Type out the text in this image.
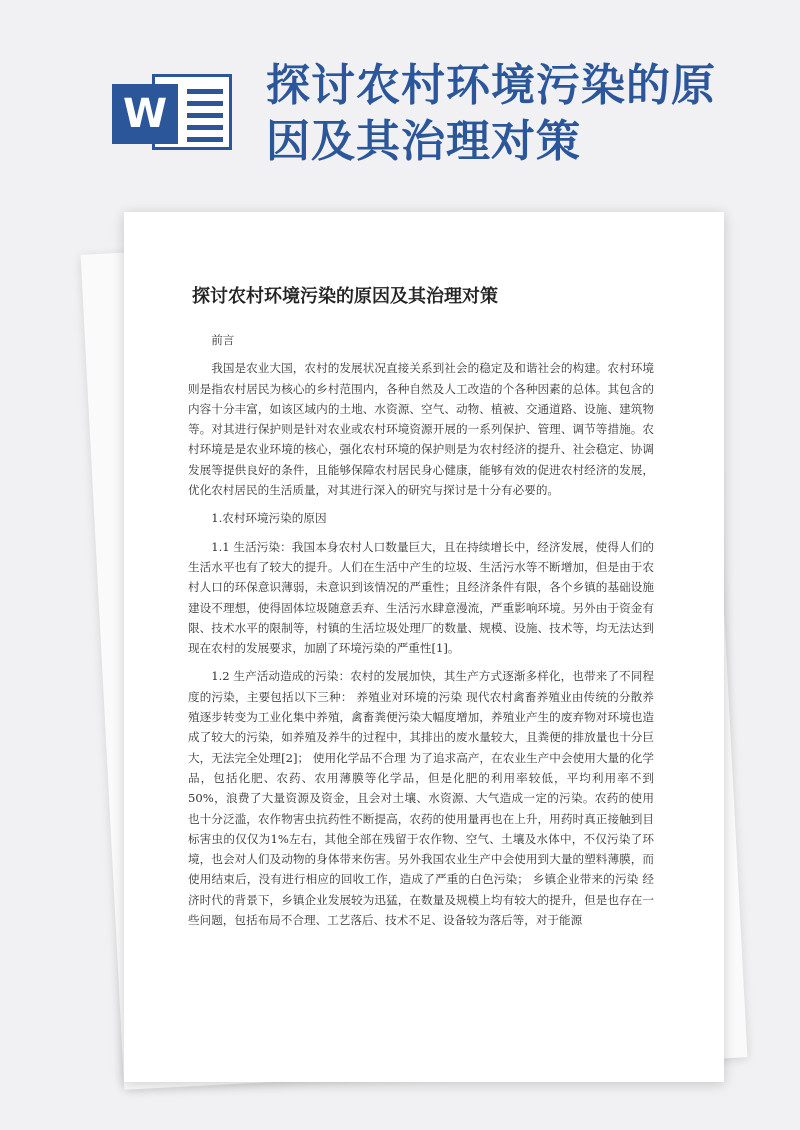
W
探讨农村环境污染的原因及其治理对策
探讨农村环境污染的原因及其治理对策

前言

我国是农业大国，农村的发展状况直接关系到社会的稳定及和谐社会的构建。农村环境则是指农村居民为核心的乡村范围内，各种自然及人工改造的个各种因素的总体。其包含的内容十分丰富，如该区域内的土地、水资源、空气、动物、植被、交通道路、设施、建筑物等。对其进行保护则是针对农业或农村环境资源开展的一系列保护、管理、调节等措施。农村环境是是农业环境的核心，强化农村环境的保护则是为农村经济的提升、社会稳定、协调发展等提供良好的条件，且能够保障农村居民身心健康，能够有效的促进农村经济的发展，优化农村居民的生活质量，对其进行深入的研究与探讨是十分有必要的。

1.农村环境污染的原因

1.1 生活污染：我国本身农村人口数量巨大，且在持续增长中，经济发展，使得人们的生活水平也有了较大的提升。人们在生活中产生的垃圾、生活污水等不断增加，但是由于农村人口的环保意识薄弱，未意识到该情况的严重性；且经济条件有限，各个乡镇的基础设施建设不理想，使得固体垃圾随意丢弃、生活污水肆意漫流，严重影响环境。另外由于资金有限、技术水平的限制等，村镇的生活垃圾处理厂的数量、规模、设施、技术等，均无法达到现在农村的发展要求，加剧了环境污染的严重性[1]。

1.2 生产活动造成的污染：农村的发展加快，其生产方式逐渐多样化，也带来了不同程度的污染，主要包括以下三种： 养殖业对环境的污染 现代农村禽畜养殖业由传统的分散养殖逐步转变为工业化集中养殖，禽畜粪便污染大幅度增加，养殖业产生的废弃物对环境也造成了较大的污染，如养殖及养牛的过程中，其排出的废水量较大，且粪便的排放量也十分巨大，无法完全处理[2]； 使用化学品不合理 为了追求高产，在农业生产中会使用大量的化学品，包括化肥、农药、农用薄膜等化学品，但是化肥的利用率较低，平均利用率不到50%，浪费了大量资源及资金，且会对土壤、水资源、大气造成一定的污染。农药的使用也十分泛滥，农作物害虫抗药性不断提高，农药的使用量再也在上升，用药时真正接触到目标害虫的仅仅为1%左右，其他全部在残留于农作物、空气、土壤及水体中，不仅污染了环境，也会对人们及动物的身体带来伤害。另外我国农业生产中会使用到大量的塑料薄膜，而使用结束后，没有进行相应的回收工作，造成了严重的白色污染； 乡镇企业带来的污染 经济时代的背景下，乡镇企业发展较为迅猛，在数量及规模上均有较大的提升，但是也存在一些问题，包括布局不合理、工艺落后、技术不足、设备较为落后等，对于能源
